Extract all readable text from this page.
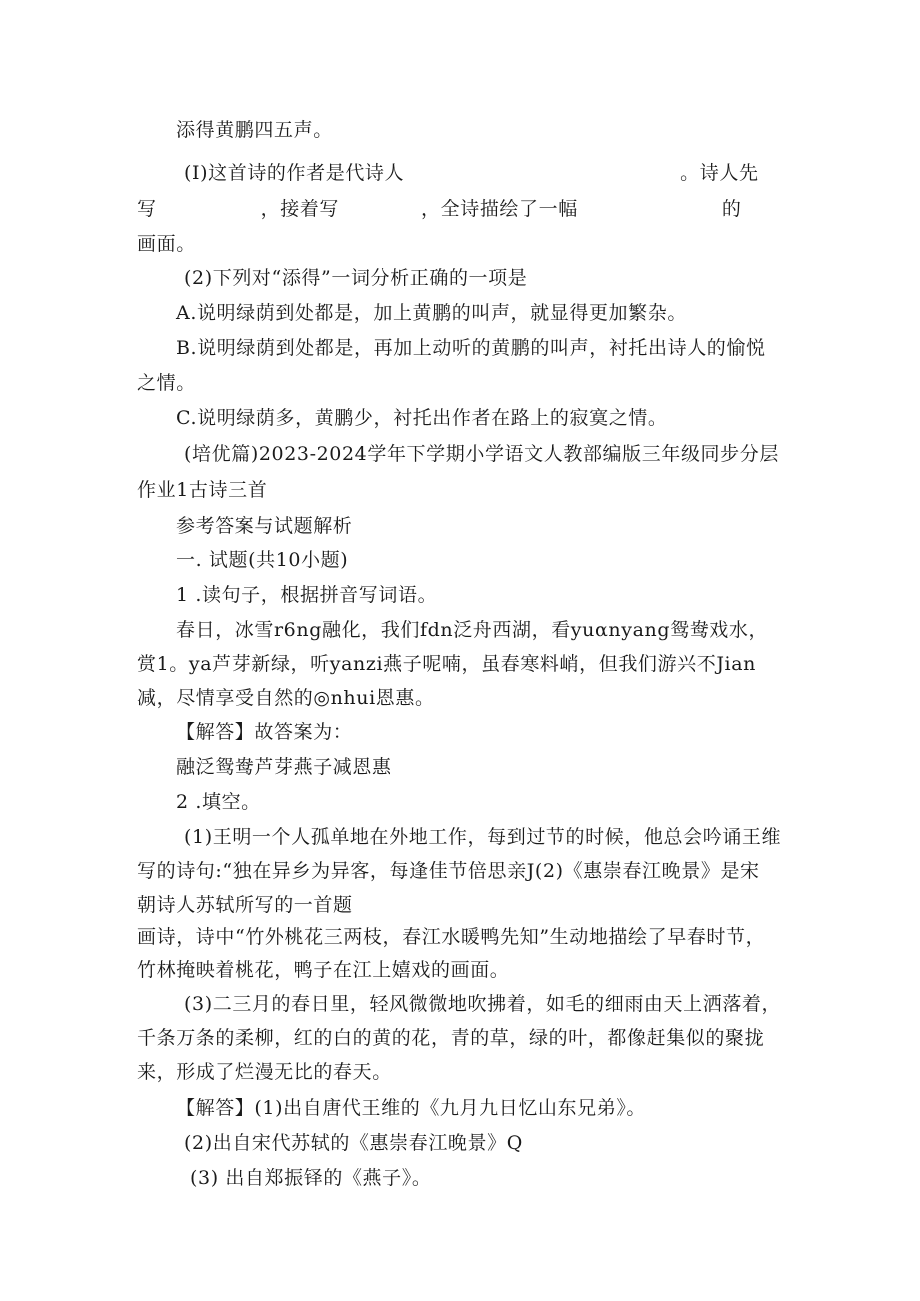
添得黄鹏四五声。
(I)这首诗的作者是代诗人	。诗人先
写	，接着写	，全诗描绘了一幅	的
画面。
(2)下列对“添得”一词分析正确的一项是
A.说明绿荫到处都是，加上黄鹏的叫声，就显得更加繁杂。
B.说明绿荫到处都是，再加上动听的黄鹏的叫声，衬托出诗人的愉悦
之情。
C.说明绿荫多，黄鹏少，衬托出作者在路上的寂寞之情。
(培优篇)2023-2024学年下学期小学语文人教部编版三年级同步分层
作业1古诗三首
参考答案与试题解析
一. 试题(共10小题)
1 .读句子，根据拼音写词语。
春日，冰雪r6ng融化，我们fdn泛舟西湖，看yuαnyang鸳鸯戏水，
赏1。ya芦芽新绿，听yanzi燕子呢喃，虽春寒料峭，但我们游兴不Jian
减，尽情享受自然的◎nhui恩惠。
【解答】故答案为：
融泛鸳鸯芦芽燕子减恩惠
2 .填空。
(1)王明一个人孤单地在外地工作，每到过节的时候，他总会吟诵王维
写的诗句:“独在异乡为异客，每逢佳节倍思亲J(2)《惠崇春江晚景》是宋
朝诗人苏轼所写的一首题
画诗，诗中“竹外桃花三两枝，春江水暖鸭先知”生动地描绘了早春时节，
竹林掩映着桃花，鸭子在江上嬉戏的画面。
(3)二三月的春日里，轻风微微地吹拂着，如毛的细雨由天上洒落着，
千条万条的柔柳，红的白的黄的花，青的草，绿的叶，都像赶集似的聚拢
来，形成了烂漫无比的春天。
【解答】(1)出自唐代王维的《九月九日忆山东兄弟》。
(2)出自宋代苏轼的《惠崇春江晚景》Q
(3) 出自郑振铎的《燕子》。
